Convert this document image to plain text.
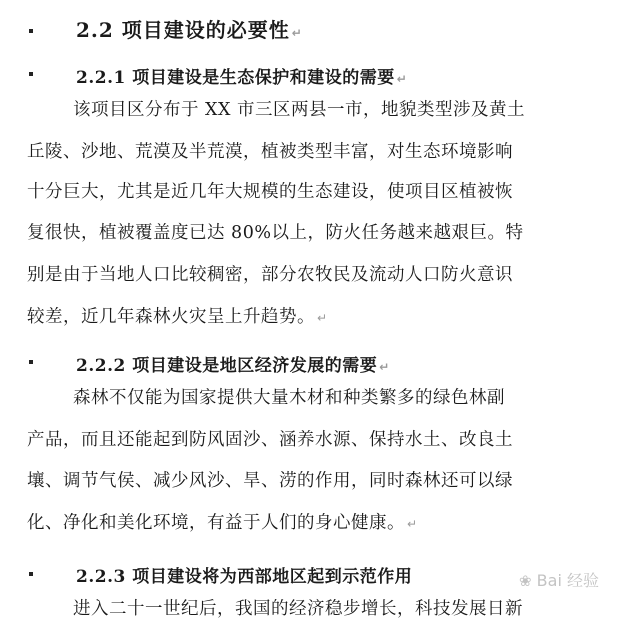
2.2 项目建设的必要性 ↵
2.2.1 项目建设是生态保护和建设的需要 ↵
该项目区分布于 XX 市三区两县一市，地貌类型涉及黄土
丘陵、沙地、荒漠及半荒漠，植被类型丰富，对生态环境影响
十分巨大，尤其是近几年大规模的生态建设，使项目区植被恢
复很快，植被覆盖度已达 80%以上，防火任务越来越艰巨。特
别是由于当地人口比较稠密，部分农牧民及流动人口防火意识
较差，近几年森林火灾呈上升趋势。 ↵
2.2.2 项目建设是地区经济发展的需要 ↵
森林不仅能为国家提供大量木材和种类繁多的绿色林副
产品，而且还能起到防风固沙、涵养水源、保持水土、改良土
壤、调节气侯、减少风沙、旱、涝的作用，同时森林还可以绿
化、净化和美化环境，有益于人们的身心健康。 ↵
2.2.3 项目建设将为西部地区起到示范作用
进入二十一世纪后，我国的经济稳步增长，科技发展日新
❀ Bai 经验
